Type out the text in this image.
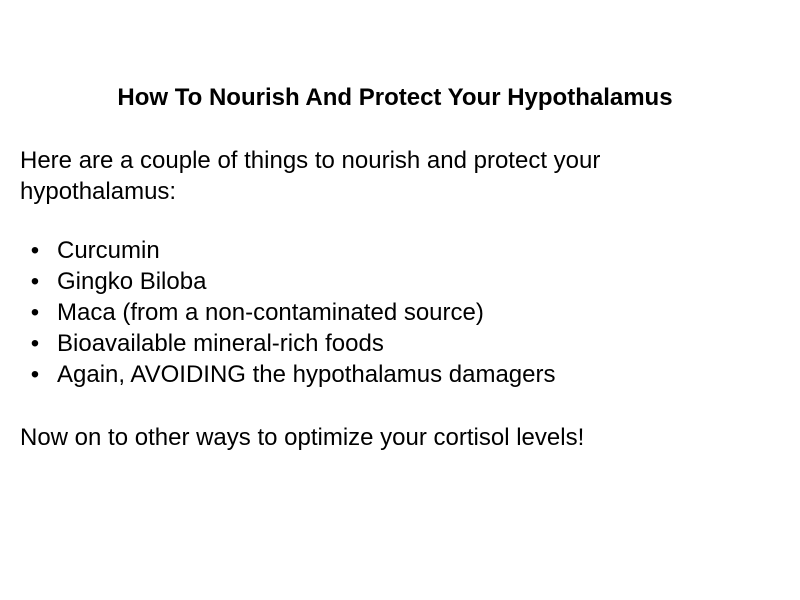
How To Nourish And Protect Your Hypothalamus

Here are a couple of things to nourish and protect your hypothalamus:

• Curcumin
• Gingko Biloba
• Maca (from a non-contaminated source)
• Bioavailable mineral-rich foods
• Again, AVOIDING the hypothalamus damagers

Now on to other ways to optimize your cortisol levels!
